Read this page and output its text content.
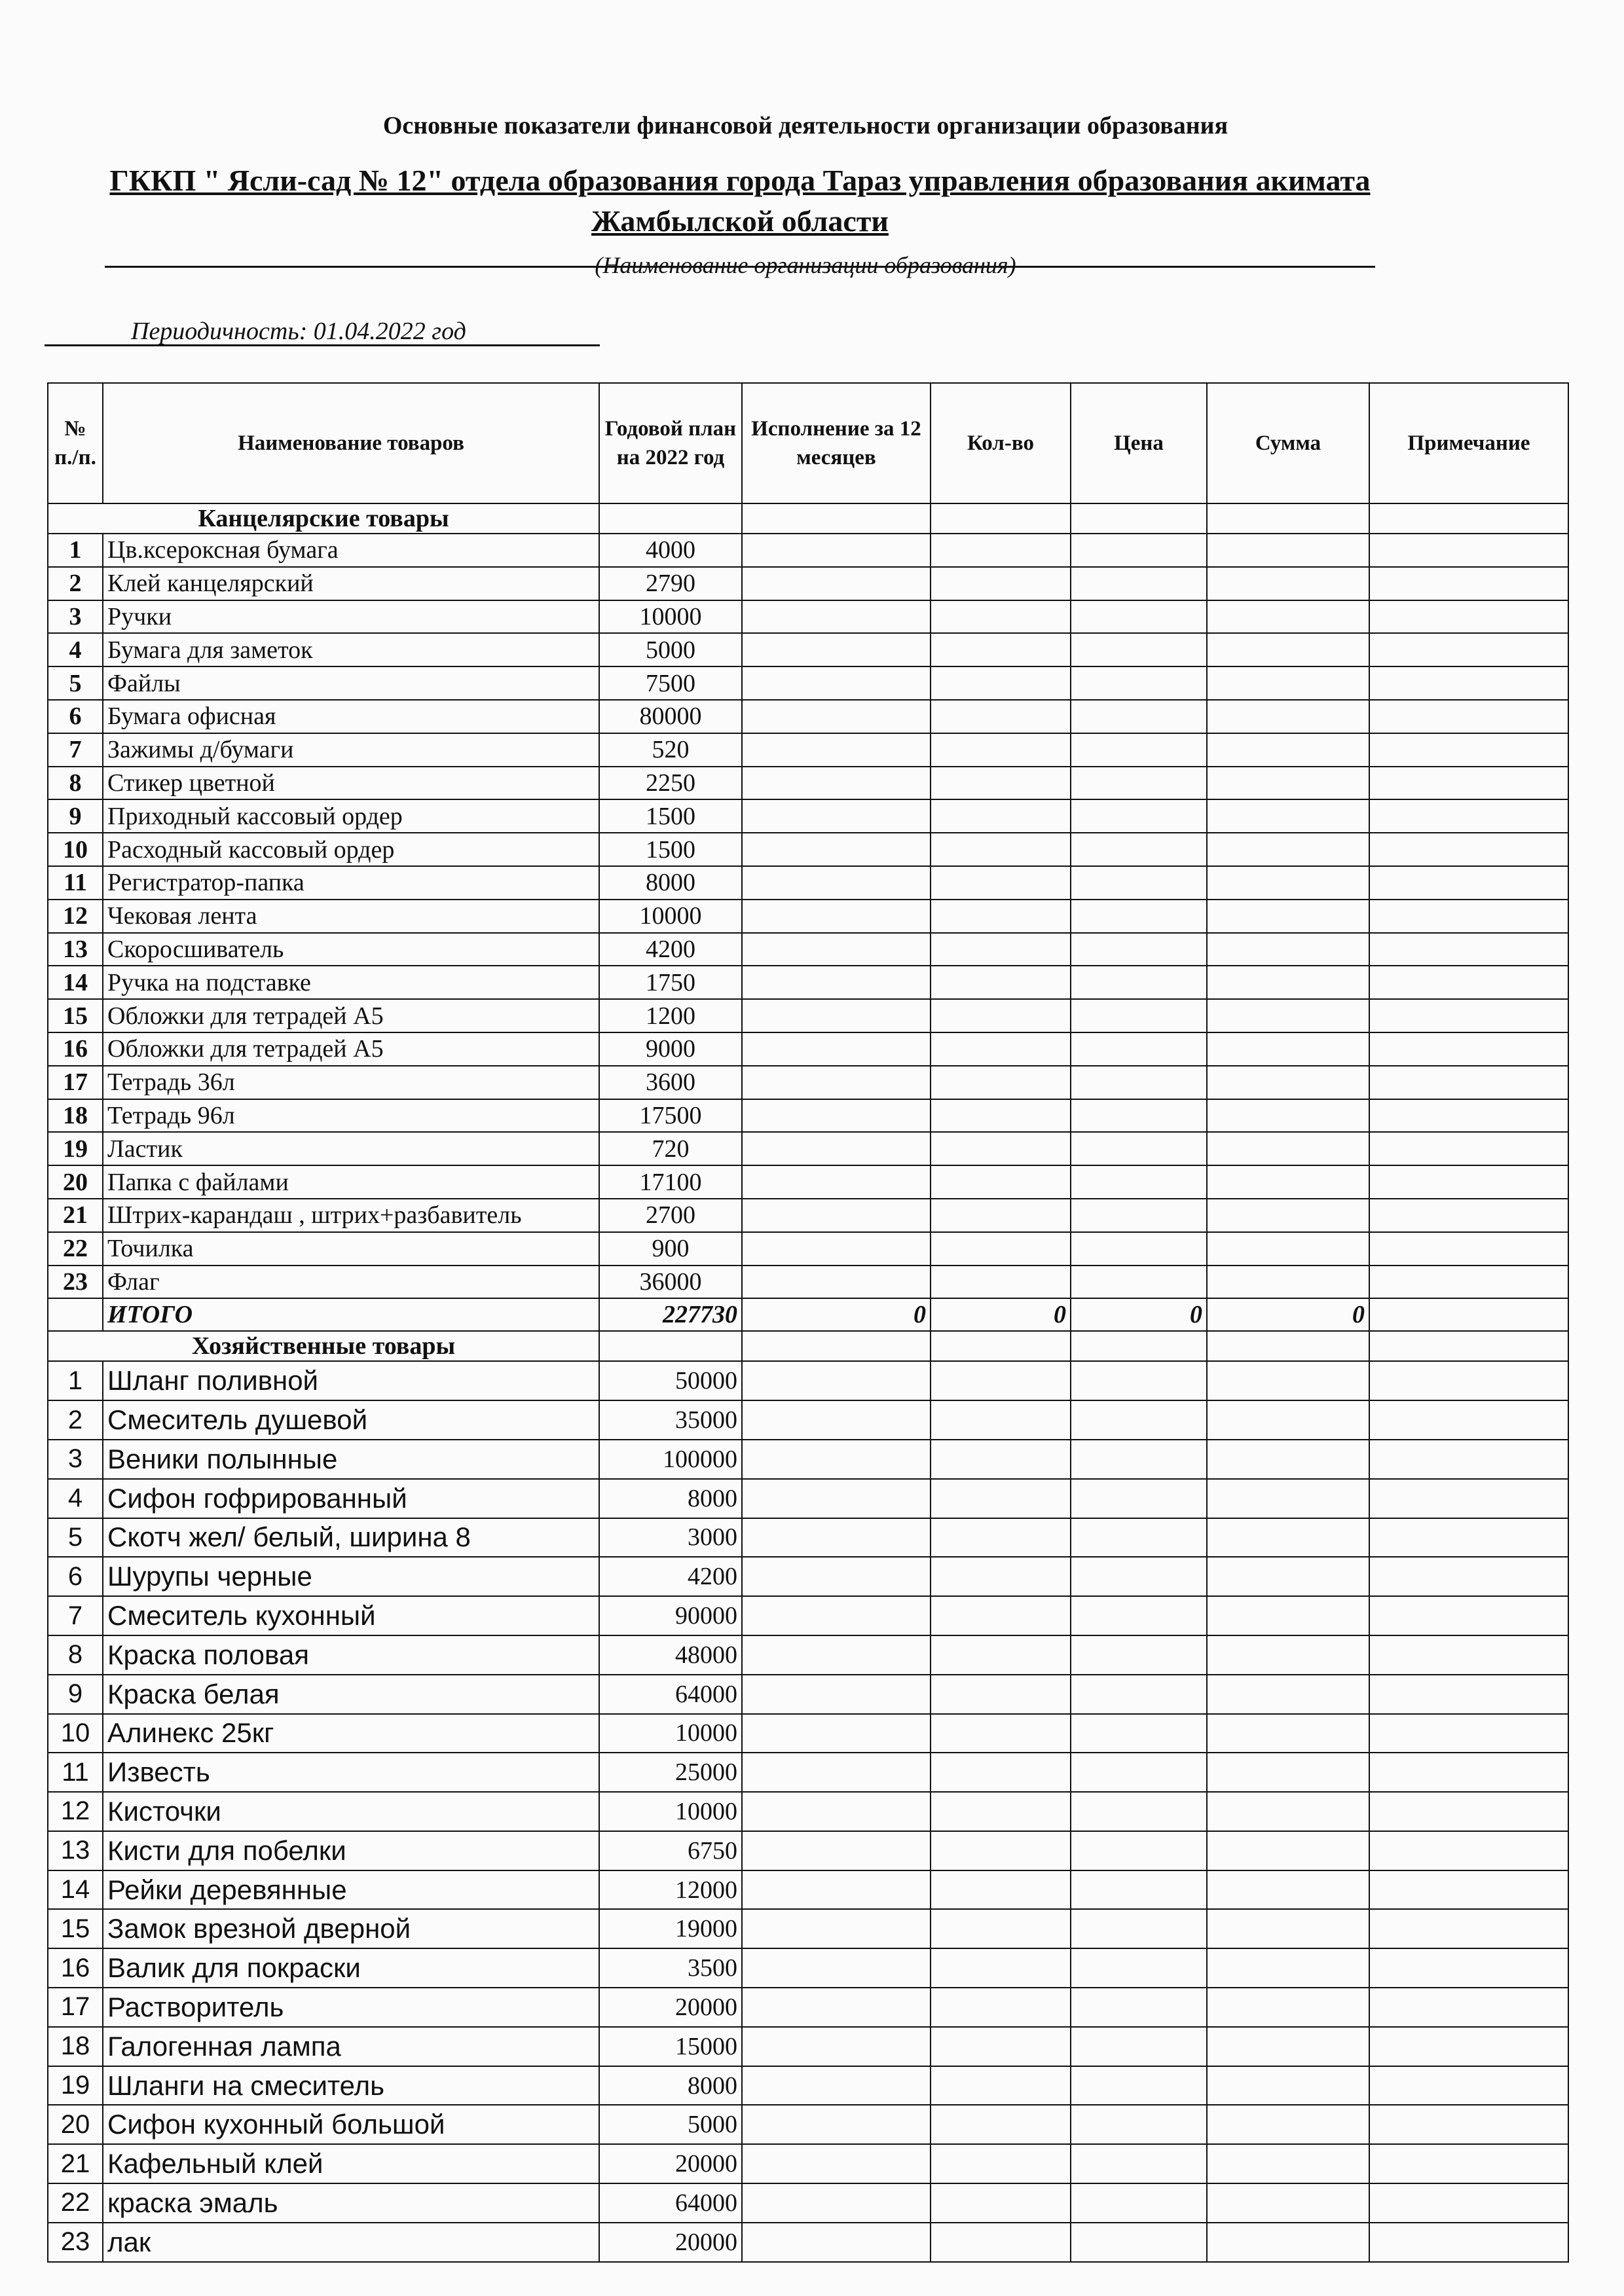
Основные показатели финансовой деятельности организации образования
ГККП " Ясли-сад № 12" отдела образования города Тараз управления образования акимата Жамбылской области
(Наименование организации образования)
Периодичность: 01.04.2022 год
№ п./п.	Наименование товаров	Годовой план на 2022 год	Исполнение за 12 месяцев	Кол-во	Цена	Сумма	Примечание
Канцелярские товары							
1	Цв.ксероксная бумага	4000					
2	Клей канцелярский	2790					
3	Ручки	10000					
4	Бумага для заметок	5000					
5	Файлы	7500					
6	Бумага офисная	80000					
7	Зажимы д/бумаги	520					
8	Стикер цветной	2250					
9	Приходный кассовый ордер	1500					
10	Расходный кассовый ордер	1500					
11	Регистратор-папка	8000					
12	Чековая лента	10000					
13	Скоросшиватель	4200					
14	Ручка на подставке	1750					
15	Обложки для тетрадей А5	1200					
16	Обложки для тетрадей А5	9000					
17	Тетрадь 36л	3600					
18	Тетрадь 96л	17500					
19	Ластик	720					
20	Папка с файлами	17100					
21	Штрих-карандаш , штрих+разбавитель	2700					
22	Точилка	900					
23	Флаг	36000					
	ИТОГО	227730	0	0	0	0	
Хозяйственные товары							
1	Шланг поливной	50000					
2	Смеситель душевой	35000					
3	Веники полынные	100000					
4	Сифон гофрированный	8000					
5	Скотч жел/ белый, ширина 8	3000					
6	Шурупы черные	4200					
7	Смеситель кухонный	90000					
8	Краска половая	48000					
9	Краска белая	64000					
10	Алинекс 25кг	10000					
11	Известь	25000					
12	Кисточки	10000					
13	Кисти для побелки	6750					
14	Рейки деревянные	12000					
15	Замок врезной дверной	19000					
16	Валик для покраски	3500					
17	Растворитель	20000					
18	Галогенная лампа	15000					
19	Шланги на смеситель	8000					
20	Сифон кухонный большой	5000					
21	Кафельный клей	20000					
22	краска эмаль	64000					
23	лак	20000					
